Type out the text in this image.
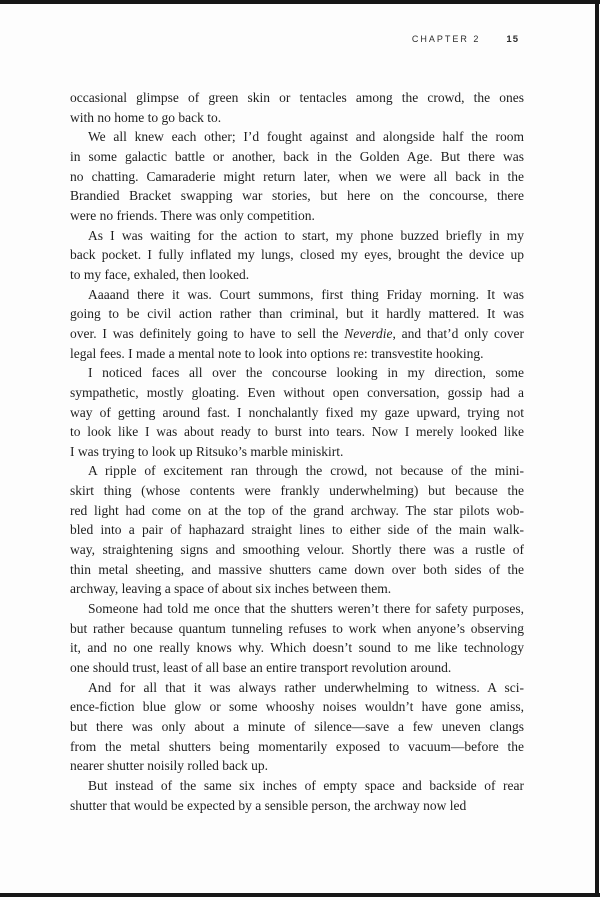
CHAPTER 2	15
occasional glimpse of green skin or tentacles among the crowd, the ones
with no home to go back to.
We all knew each other; I’d fought against and alongside half the room
in some galactic battle or another, back in the Golden Age. But there was
no chatting. Camaraderie might return later, when we were all back in the
Brandied Bracket swapping war stories, but here on the concourse, there
were no friends. There was only competition.
As I was waiting for the action to start, my phone buzzed briefly in my
back pocket. I fully inflated my lungs, closed my eyes, brought the device up
to my face, exhaled, then looked.
Aaaand there it was. Court summons, first thing Friday morning. It was
going to be civil action rather than criminal, but it hardly mattered. It was
over. I was definitely going to have to sell the Neverdie, and that’d only cover
legal fees. I made a mental note to look into options re: transvestite hooking.
I noticed faces all over the concourse looking in my direction, some
sympathetic, mostly gloating. Even without open conversation, gossip had a
way of getting around fast. I nonchalantly fixed my gaze upward, trying not
to look like I was about ready to burst into tears. Now I merely looked like
I was trying to look up Ritsuko’s marble miniskirt.
A ripple of excitement ran through the crowd, not because of the mini-
skirt thing (whose contents were frankly underwhelming) but because the
red light had come on at the top of the grand archway. The star pilots wob-
bled into a pair of haphazard straight lines to either side of the main walk-
way, straightening signs and smoothing velour. Shortly there was a rustle of
thin metal sheeting, and massive shutters came down over both sides of the
archway, leaving a space of about six inches between them.
Someone had told me once that the shutters weren’t there for safety purposes,
but rather because quantum tunneling refuses to work when anyone’s observing
it, and no one really knows why. Which doesn’t sound to me like technology
one should trust, least of all base an entire transport revolution around.
And for all that it was always rather underwhelming to witness. A sci-
ence-fiction blue glow or some whooshy noises wouldn’t have gone amiss,
but there was only about a minute of silence—save a few uneven clangs
from the metal shutters being momentarily exposed to vacuum—before the
nearer shutter noisily rolled back up.
But instead of the same six inches of empty space and backside of rear
shutter that would be expected by a sensible person, the archway now led
